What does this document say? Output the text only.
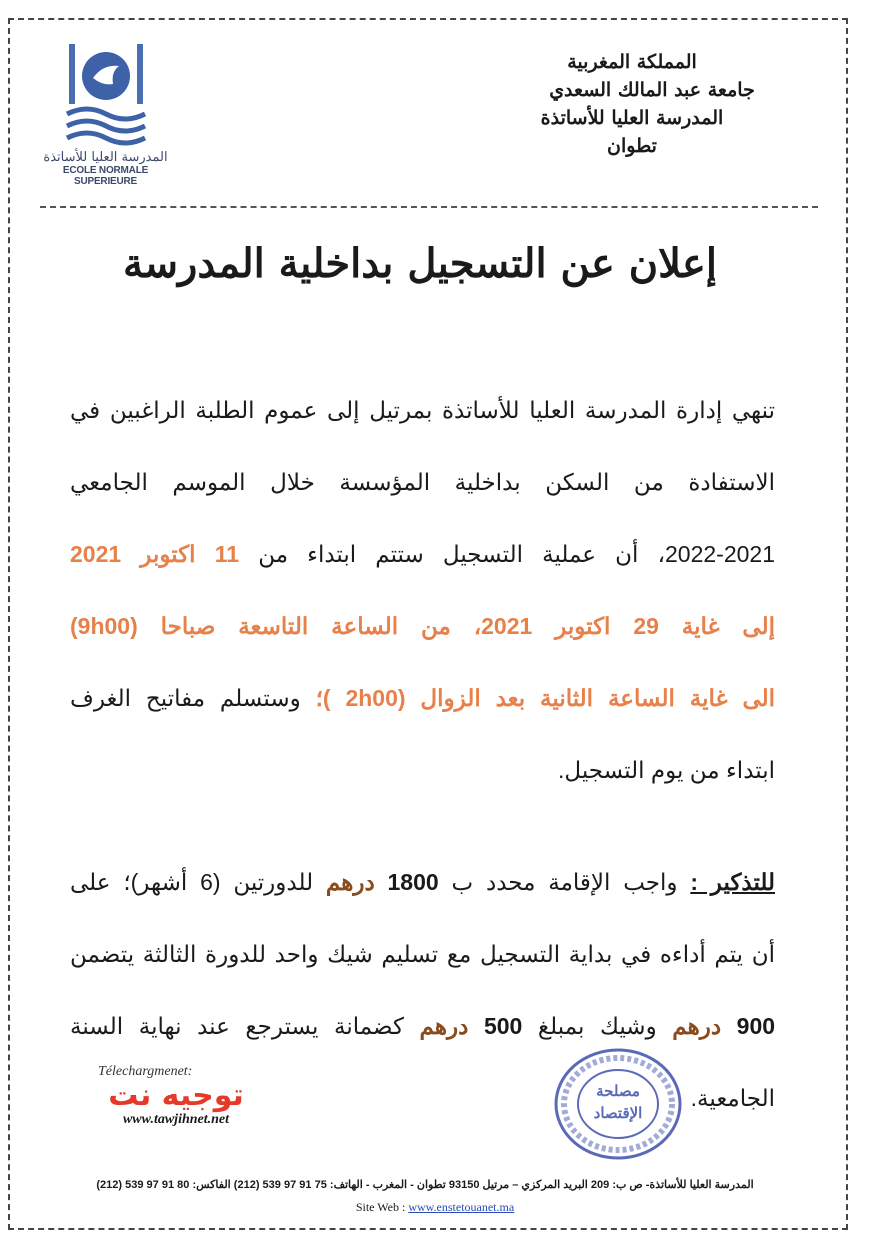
المدرسة العليا للأساتذة
ECOLE NORMALE SUPERIEURE
المملكة المغربية
جامعة عبد المالك السعدي
المدرسة العليا للأساتذة
تطوان
إعلان عن التسجيل بداخلية المدرسة
تنهي إدارة المدرسة العليا للأساتذة بمرتيل إلى عموم الطلبة الراغبين في
الاستفادة من السكن بداخلية المؤسسة خلال الموسم الجامعي
2022-2021، أن عملية التسجيل ستتم ابتداء من 11 اكتوبر 2021
إلى غاية 29 اكتوبر 2021، من الساعة التاسعة صباحا (9h00)
الى غاية الساعة الثانية بعد الزوال (2h00 )؛ وستسلم مفاتيح الغرف
ابتداء من يوم التسجيل.
للتذكير : واجب الإقامة محدد ب 1800 درهم للدورتين (6 أشهر)؛ على
أن يتم أداءه في بداية التسجيل مع تسليم شيك واحد للدورة الثالثة يتضمن
900 درهم وشيك بمبلغ 500 درهم كضمانة يسترجع عند نهاية السنة
الجامعية.
مصلحة
الإقتصاد
Télechargmenet:
توجيه نت
www.tawjihnet.net
المدرسة العليا للأساتذة- ص ب: 209 البريد المركزي – مرتيل 93150 تطوان - المغرب - الهاتف: 75 91 97 539 (212) الفاكس: 80 91 97 539 (212)
Site Web : www.enstetouanet.ma
